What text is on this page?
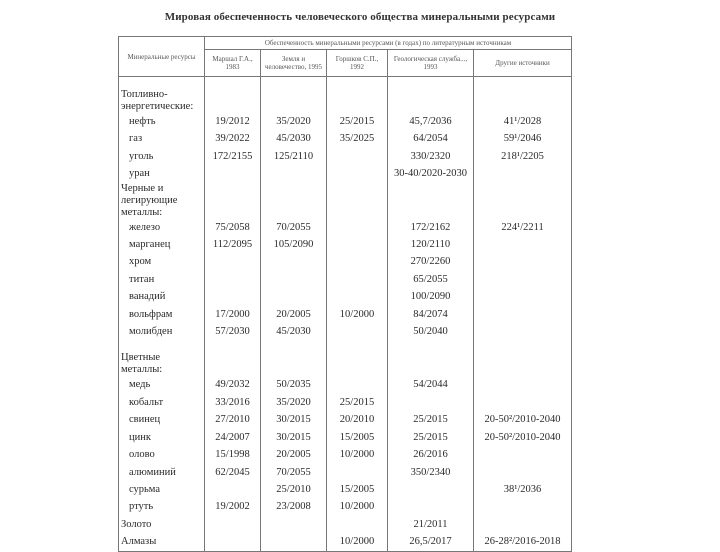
Мировая обеспеченность человеческого общества минеральными ресурсами
Минеральные ресурсы	Обеспеченность минеральными ресурсами (в годах) по литературным источникам				
	Маршал Г.А., 1983	Земля и человечество, 1995	Горшков С.П., 1992	Геологическая служба..., 1993	Другие источники
Топливно-энергетические:					
нефть	19/2012	35/2020	25/2015	45,7/2036	41¹/2028
газ	39/2022	45/2030	35/2025	64/2054	59¹/2046
уголь	172/2155	125/2110		330/2320	218¹/2205
уран				30-40/2020-2030	
Черные и легирующие металлы:					
железо	75/2058	70/2055		172/2162	224¹/2211
марганец	112/2095	105/2090		120/2110	
хром				270/2260	
титан				65/2055	
ванадий				100/2090	
вольфрам	17/2000	20/2005	10/2000	84/2074	
молибден	57/2030	45/2030		50/2040	
Цветные металлы:					
медь	49/2032	50/2035		54/2044	
кобальт	33/2016	35/2020	25/2015		
свинец	27/2010	30/2015	20/2010	25/2015	20-50²/2010-2040
цинк	24/2007	30/2015	15/2005	25/2015	20-50²/2010-2040
олово	15/1998	20/2005	10/2000	26/2016	
алюминий	62/2045	70/2055		350/2340	
сурьма		25/2010	15/2005		38¹/2036
ртуть	19/2002	23/2008	10/2000		
Золото				21/2011	
Алмазы			10/2000	26,5/2017	26-28²/2016-2018
